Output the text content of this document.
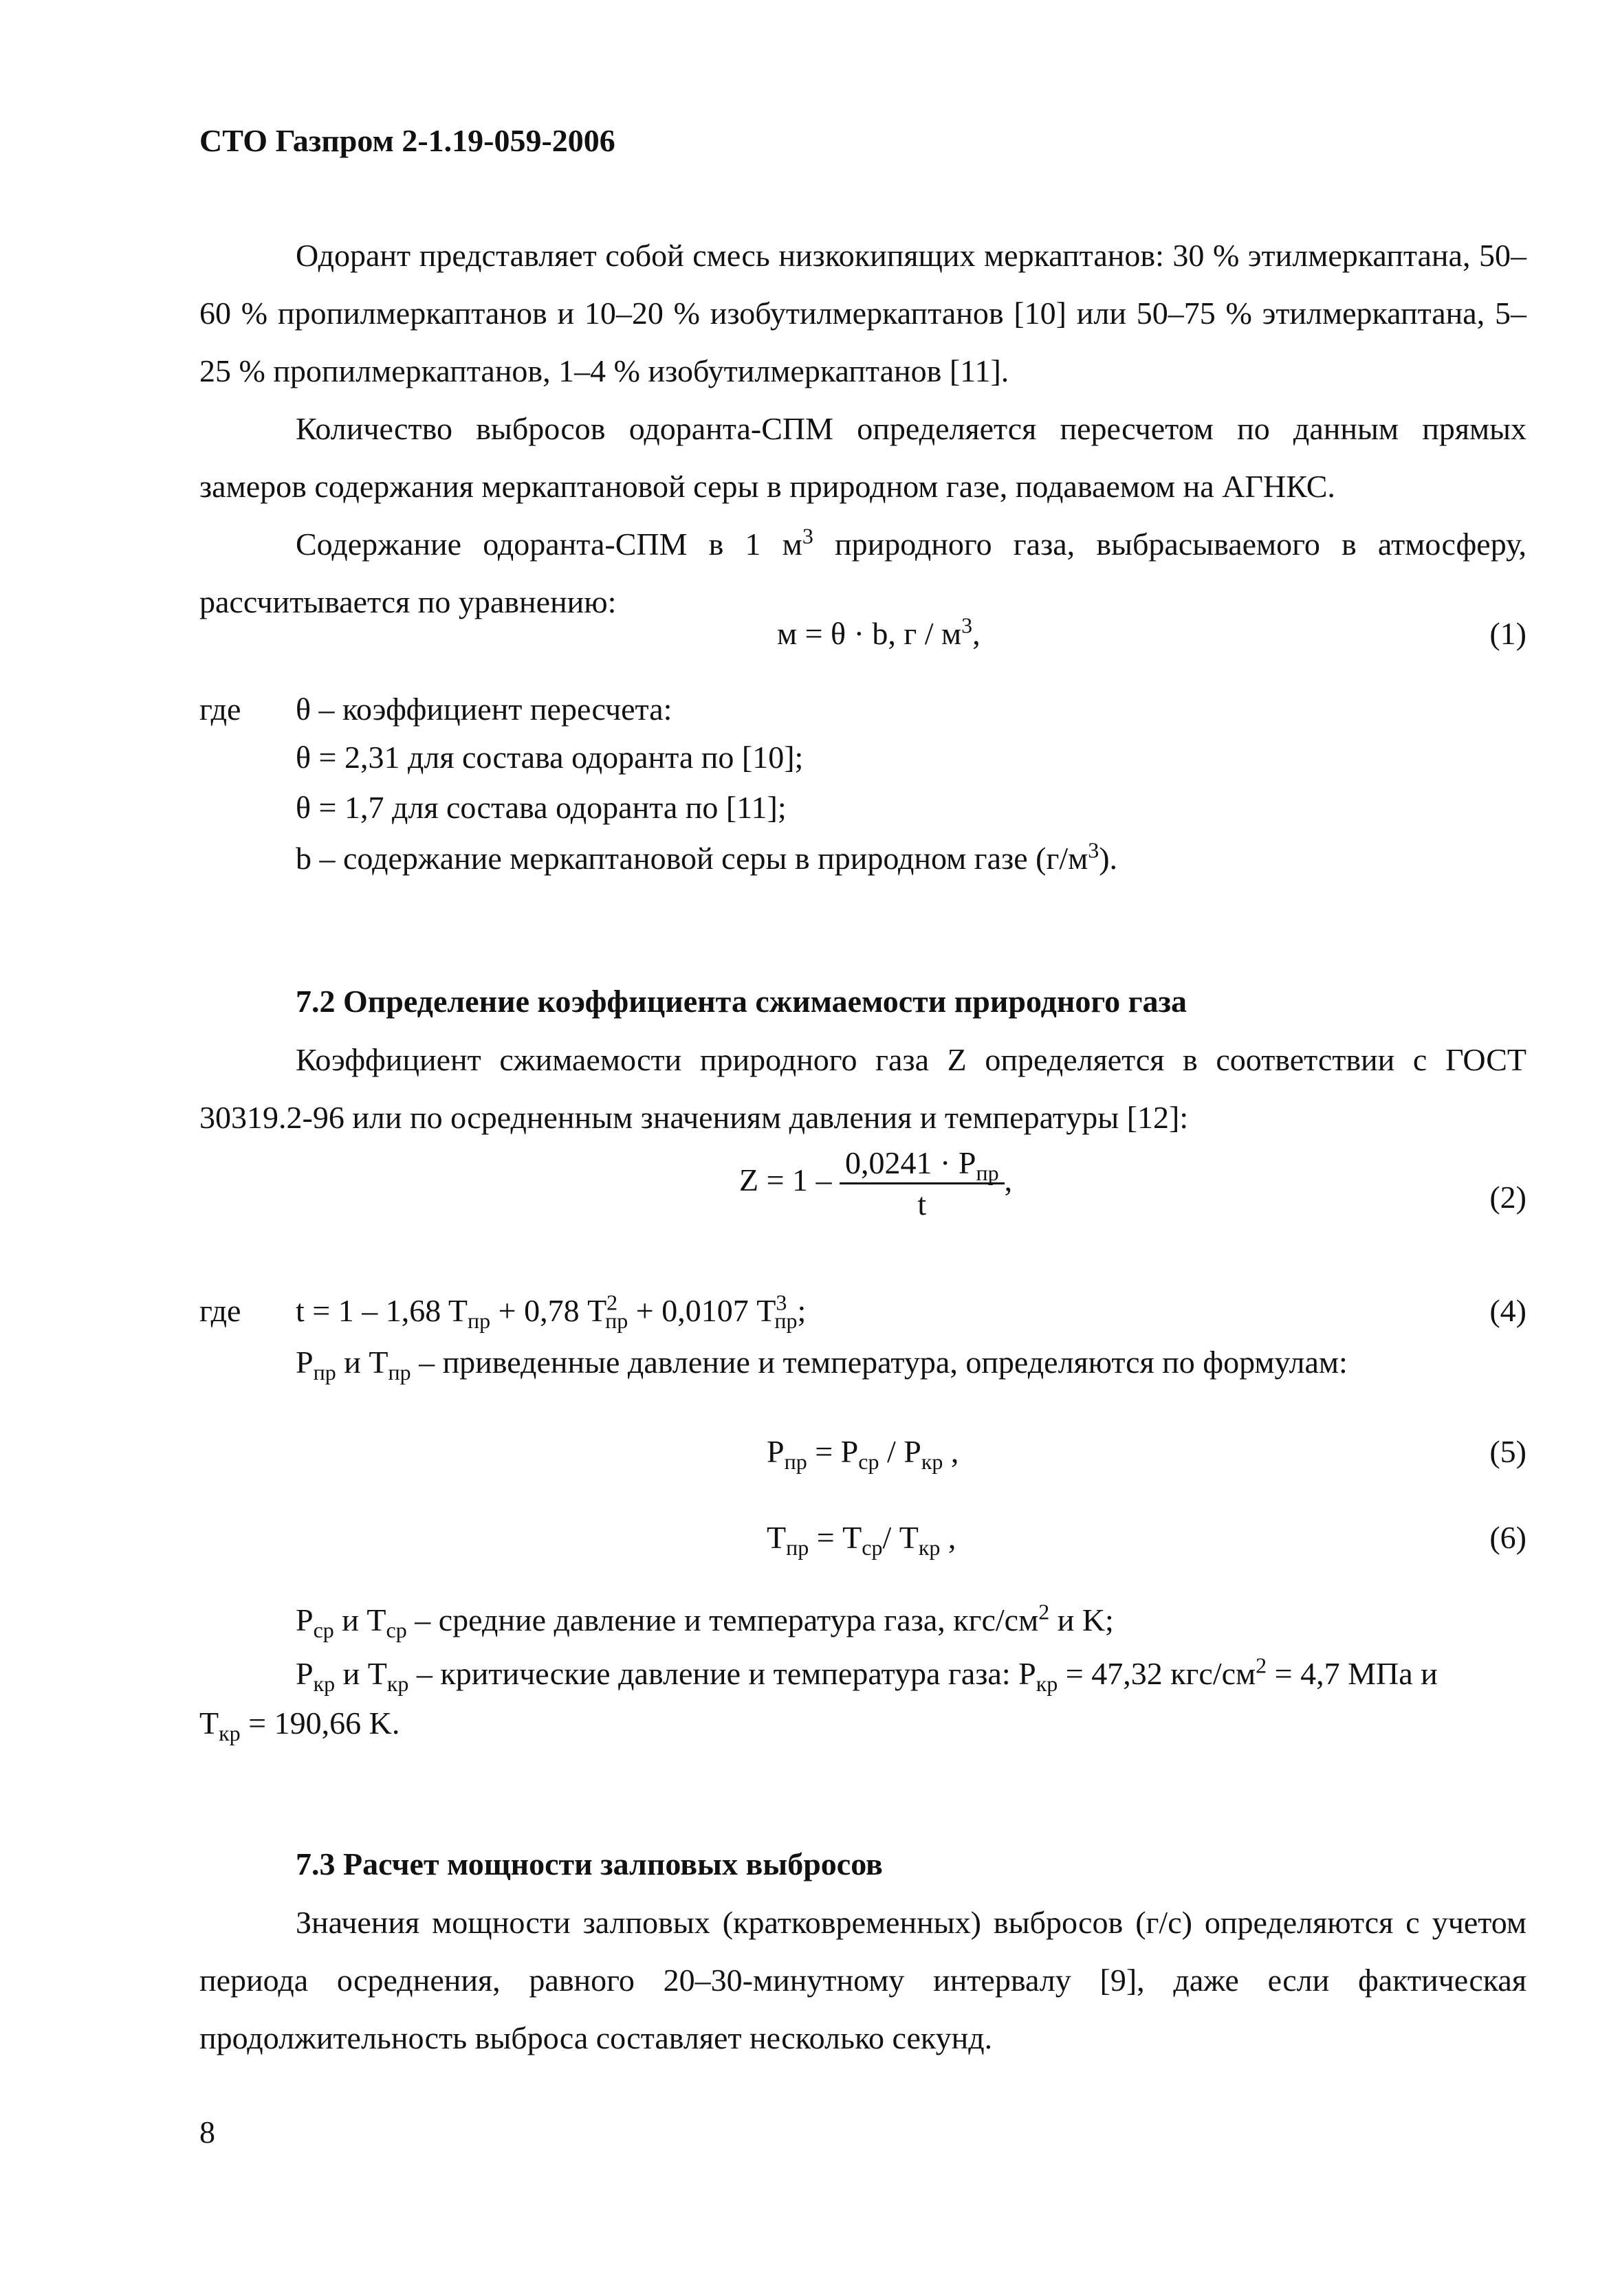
СТО Газпром 2-1.19-059-2006

Одорант представляет собой смесь низкокипящих меркаптанов: 30 % этилмеркаптана, 50–60 % пропилмеркаптанов и 10–20 % изобутилмеркаптанов [10] или 50–75 % этилмеркаптана, 5–25 % пропилмеркаптанов, 1–4 % изобутилмеркаптанов [11].

Количество выбросов одоранта-СПМ определяется пересчетом по данным прямых замеров содержания меркаптановой серы в природном газе, подаваемом на АГНКС.

Содержание одоранта-СПМ в 1 $м^3$ природного газа, выбрасываемого в атмосферу, рассчитывается по уравнению:

м = θ · b, г / $м^3$,	(1)
где θ – коэффициент пересчета:
θ = 2,31 для состава одоранта по [10];
θ = 1,7 для состава одоранта по [11];
b – содержание меркаптановой серы в природном газе $(г/м^3)$.
7.2 Определение коэффициента сжимаемости природного газа

Коэффициент сжимаемости природного газа Z определяется в соответствии с ГОСТ 30319.2-96 или по осредненным значениям давления и температуры [12]:

$Z = 1 - \frac{0,0241 \cdot P_{пр}}{t}$ ,	(2)
где t = 1 – 1,68 $T_{пр} + 0,78$ $T^2_{пр} + 0,0107$ $T^3_{пр}$;	(4)
$P_{пр}$ и $T_{пр}$ – приведенные давление и температура, определяются по формулам:
$P_{пр} = P_{ср} / P_{кр}$ ,	(5)
$T_{пр} = T_{ср}/$ $T_{кр}$ ,	(6)
$P_{ср}$ и $T_{ср}$ – средние давление и температура газа, кгс/$см^2$ и K;
$P_{кр}$ и $T_{кр}$ – критические давление и температура газа: $P_{кр} = 47,32$ кгс/$см^2 = 4,7$ МПа и
$T_{кр} = 190,66$ K.
7.3 Расчет мощности залповых выбросов

Значения мощности залповых (кратковременных) выбросов (г/с) определяются с учетом периода осреднения, равного 20–30-минутному интервалу [9], даже если фактическая продолжительность выброса составляет несколько секунд.

8
